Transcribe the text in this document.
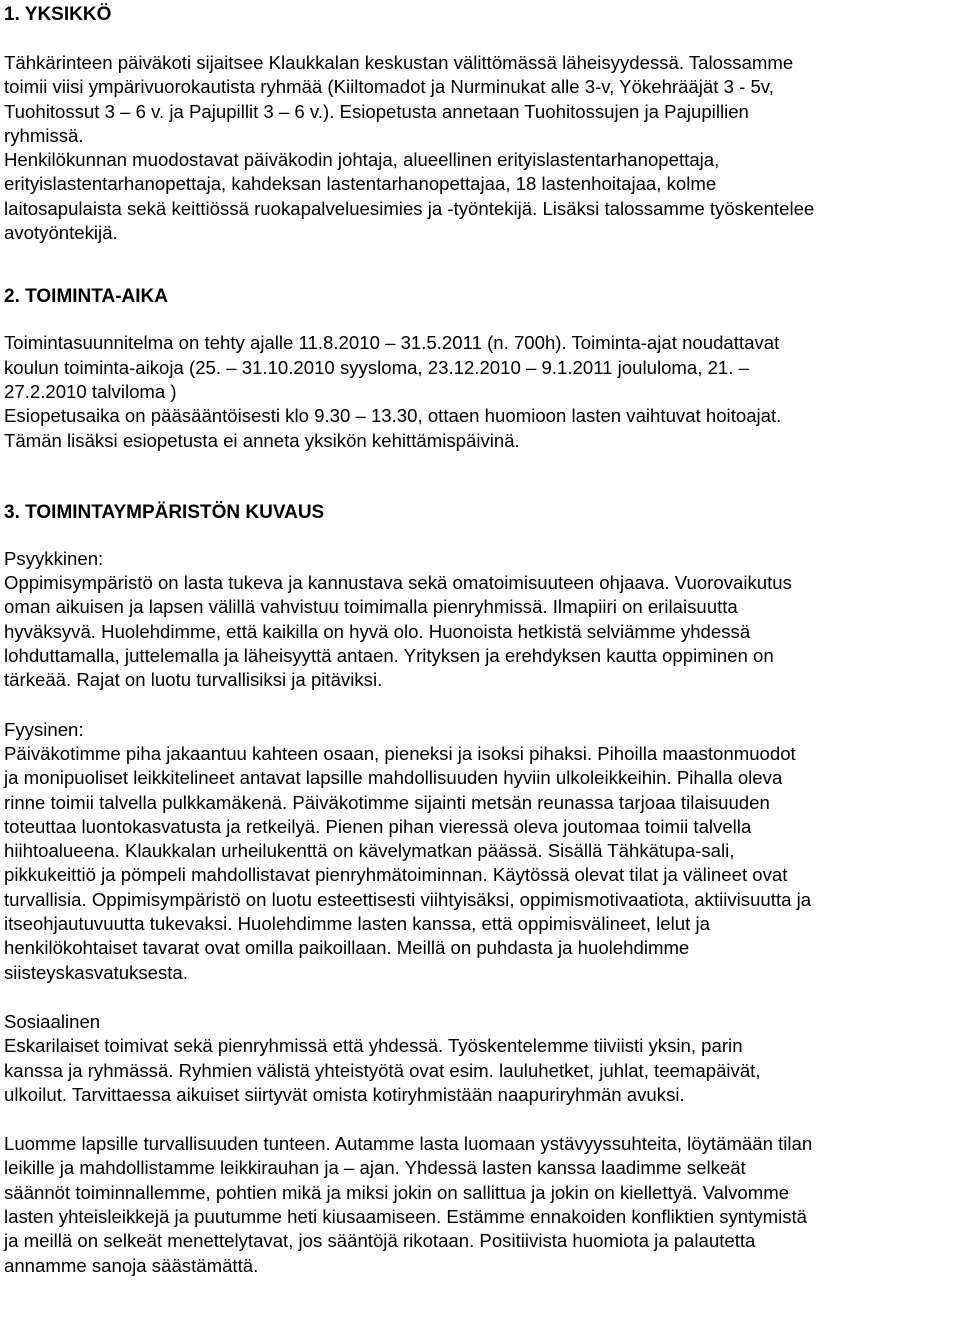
1. YKSIKKÖ
Tähkärinteen päiväkoti sijaitsee Klaukkalan keskustan välittömässä läheisyydessä. Talossamme
toimii viisi ympärivuorokautista ryhmää (Kiiltomadot ja Nurminukat alle 3-v, Yökehrääjät 3 - 5v,
Tuohitossut 3 – 6 v. ja Pajupillit 3 – 6 v.). Esiopetusta annetaan Tuohitossujen ja Pajupillien
ryhmissä.
Henkilökunnan muodostavat päiväkodin johtaja, alueellinen erityislastentarhanopettaja,
erityislastentarhanopettaja, kahdeksan lastentarhanopettajaa, 18 lastenhoitajaa, kolme
laitosapulaista sekä keittiössä ruokapalveluesimies ja -työntekijä. Lisäksi talossamme työskentelee
avotyöntekijä.
2. TOIMINTA-AIKA
Toimintasuunnitelma on tehty ajalle 11.8.2010 – 31.5.2011 (n. 700h). Toiminta-ajat noudattavat
koulun toiminta-aikoja (25. – 31.10.2010 syysloma, 23.12.2010 – 9.1.2011 joululoma, 21. –
27.2.2010 talviloma )
Esiopetusaika on pääsääntöisesti klo 9.30 – 13.30, ottaen huomioon lasten vaihtuvat hoitoajat.
Tämän lisäksi esiopetusta ei anneta yksikön kehittämispäivinä.
3. TOIMINTAYMPÄRISTÖN KUVAUS
Psyykkinen:
Oppimisympäristö on lasta tukeva ja kannustava sekä omatoimisuuteen ohjaava. Vuorovaikutus
oman aikuisen ja lapsen välillä vahvistuu toimimalla pienryhmissä. Ilmapiiri on erilaisuutta
hyväksyvä. Huolehdimme, että kaikilla on hyvä olo. Huonoista hetkistä selviämme yhdessä
lohduttamalla, juttelemalla ja läheisyyttä antaen. Yrityksen ja erehdyksen kautta oppiminen on
tärkeää. Rajat on luotu turvallisiksi ja pitäviksi.
Fyysinen:
Päiväkotimme piha jakaantuu kahteen osaan, pieneksi ja isoksi pihaksi. Pihoilla maastonmuodot
ja monipuoliset leikkitelineet antavat lapsille mahdollisuuden hyviin ulkoleikkeihin. Pihalla oleva
rinne toimii talvella pulkkamäkenä. Päiväkotimme sijainti metsän reunassa tarjoaa tilaisuuden
toteuttaa luontokasvatusta ja retkeilyä. Pienen pihan vieressä oleva joutomaa toimii talvella
hiihtoalueena. Klaukkalan urheilukenttä on kävelymatkan päässä. Sisällä Tähkätupa-sali,
pikkukeittiö ja pömpeli mahdollistavat pienryhmätoiminnan. Käytössä olevat tilat ja välineet ovat
turvallisia. Oppimisympäristö on luotu esteettisesti viihtyisäksi, oppimismotivaatiota, aktiivisuutta ja
itseohjautuvuutta tukevaksi. Huolehdimme lasten kanssa, että oppimisvälineet, lelut ja
henkilökohtaiset tavarat ovat omilla paikoillaan. Meillä on puhdasta ja huolehdimme
siisteyskasvatuksesta.
Sosiaalinen
Eskarilaiset toimivat sekä pienryhmissä että yhdessä. Työskentelemme tiiviisti yksin, parin
kanssa ja ryhmässä. Ryhmien välistä yhteistyötä ovat esim. lauluhetket, juhlat, teemapäivät,
ulkoilut. Tarvittaessa aikuiset siirtyvät omista kotiryhmistään naapuriryhmän avuksi.
Luomme lapsille turvallisuuden tunteen. Autamme lasta luomaan ystävyyssuhteita, löytämään tilan
leikille ja mahdollistamme leikkirauhan ja – ajan. Yhdessä lasten kanssa laadimme selkeät
säännöt toiminnallemme, pohtien mikä ja miksi jokin on sallittua ja jokin on kiellettyä. Valvomme
lasten yhteisleikkejä ja puutumme heti kiusaamiseen. Estämme ennakoiden konfliktien syntymistä
ja meillä on selkeät menettelytavat, jos sääntöjä rikotaan. Positiivista huomiota ja palautetta
annamme sanoja säästämättä.
